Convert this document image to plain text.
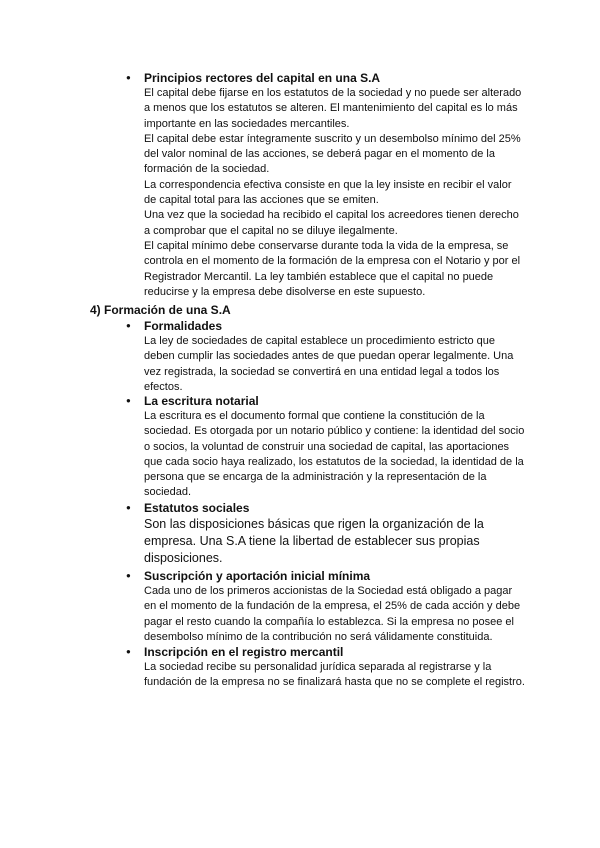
● Principios rectores del capital en una S.A
El capital debe fijarse en los estatutos de la sociedad y no puede ser alterado a menos que los estatutos se alteren. El mantenimiento del capital es lo más importante en las sociedades mercantiles.
El capital debe estar íntegramente suscrito y un desembolso mínimo del 25% del valor nominal de las acciones, se deberá pagar en el momento de la formación de la sociedad.
La correspondencia efectiva consiste en que la ley insiste en recibir el valor de capital total para las acciones que se emiten.
Una vez que la sociedad ha recibido el capital los acreedores tienen derecho a comprobar que el capital no se diluye ilegalmente.
El capital mínimo debe conservarse durante toda la vida de la empresa, se controla en el momento de la formación de la empresa con el Notario y por el Registrador Mercantil. La ley también establece que el capital no puede reducirse y la empresa debe disolverse en este supuesto.
4) Formación de una S.A
● Formalidades
La ley de sociedades de capital establece un procedimiento estricto que deben cumplir las sociedades antes de que puedan operar legalmente. Una vez registrada, la sociedad se convertirá en una entidad legal a todos los efectos.
● La escritura notarial
La escritura es el documento formal que contiene la constitución de la sociedad. Es otorgada por un notario público y contiene: la identidad del socio o socios, la voluntad de construir una sociedad de capital, las aportaciones que cada socio haya realizado, los estatutos de la sociedad, la identidad de la persona que se encarga de la administración y la representación de la sociedad.
● Estatutos sociales
Son las disposiciones básicas que rigen la organización de la empresa. Una S.A tiene la libertad de establecer sus propias disposiciones.
● Suscripción y aportación inicial mínima
Cada uno de los primeros accionistas de la Sociedad está obligado a pagar en el momento de la fundación de la empresa, el 25% de cada acción y debe pagar el resto cuando la compañía lo establezca. Si la empresa no posee el desembolso mínimo de la contribución no será válidamente constituida.
● Inscripción en el registro mercantil
La sociedad recibe su personalidad jurídica separada al registrarse y la fundación de la empresa no se finalizará hasta que no se complete el registro.
